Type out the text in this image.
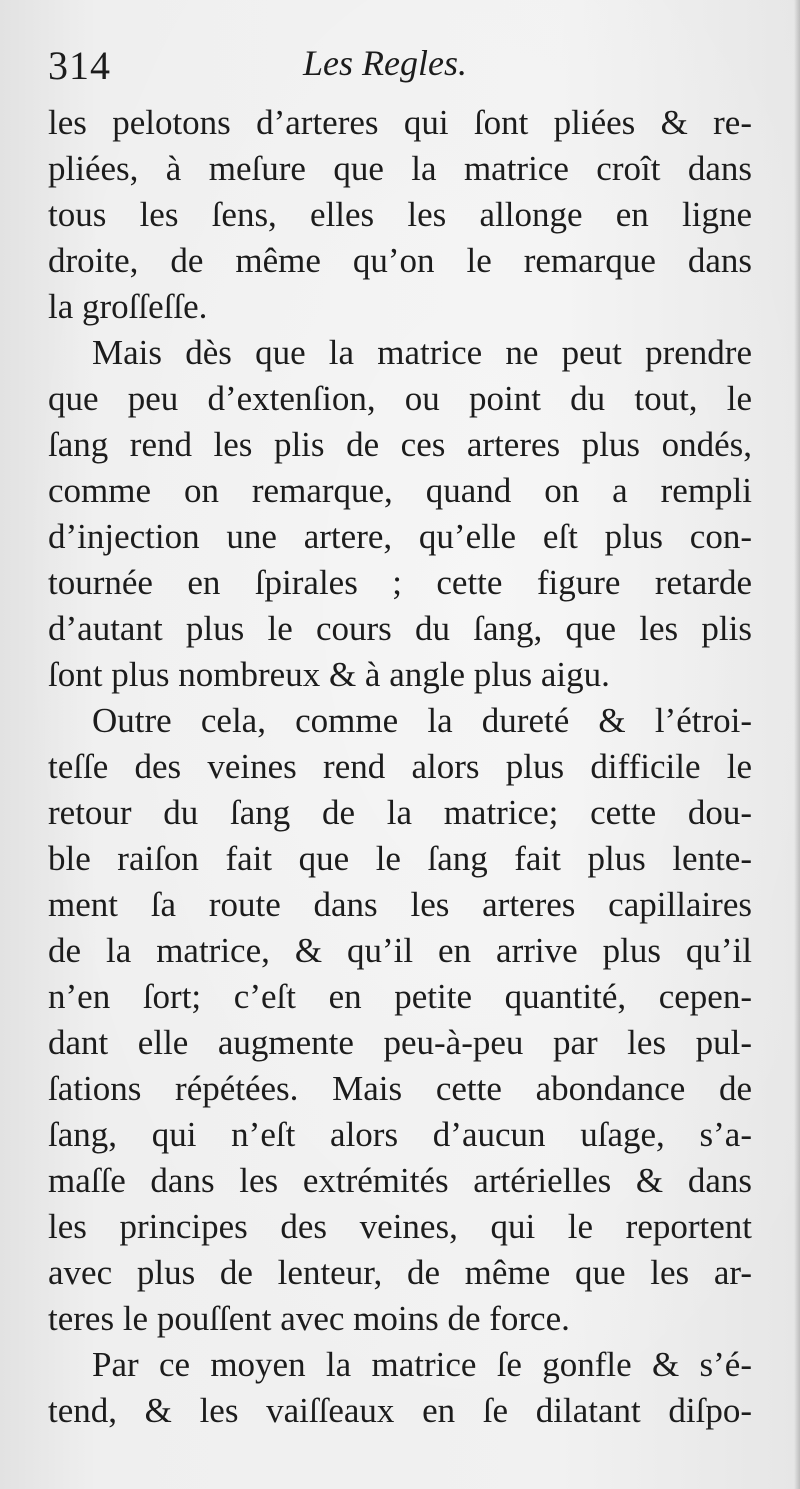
314	Les Regles.
les pelotons d’arteres qui ſont pliées & re-
pliées, à meſure que la matrice croît dans
tous les ſens, elles les allonge en ligne
droite, de même qu’on le remarque dans
la groſſeſſe.
Mais dès que la matrice ne peut prendre
que peu d’extenſion, ou point du tout, le
ſang rend les plis de ces arteres plus ondés,
comme on remarque, quand on a rempli
d’injection une artere, qu’elle eſt plus con-
tournée en ſpirales ; cette figure retarde
d’autant plus le cours du ſang, que les plis
ſont plus nombreux & à angle plus aigu.
Outre cela, comme la dureté & l’étroi-
teſſe des veines rend alors plus difficile le
retour du ſang de la matrice; cette dou-
ble raiſon fait que le ſang fait plus lente-
ment ſa route dans les arteres capillaires
de la matrice, & qu’il en arrive plus qu’il
n’en ſort; c’eſt en petite quantité, cepen-
dant elle augmente peu-à-peu par les pul-
ſations répétées. Mais cette abondance de
ſang, qui n’eſt alors d’aucun uſage, s’a-
maſſe dans les extrémités artérielles & dans
les principes des veines, qui le reportent
avec plus de lenteur, de même que les ar-
teres le pouſſent avec moins de force.
Par ce moyen la matrice ſe gonfle & s’é-
tend, & les vaiſſeaux en ſe dilatant diſpo-
